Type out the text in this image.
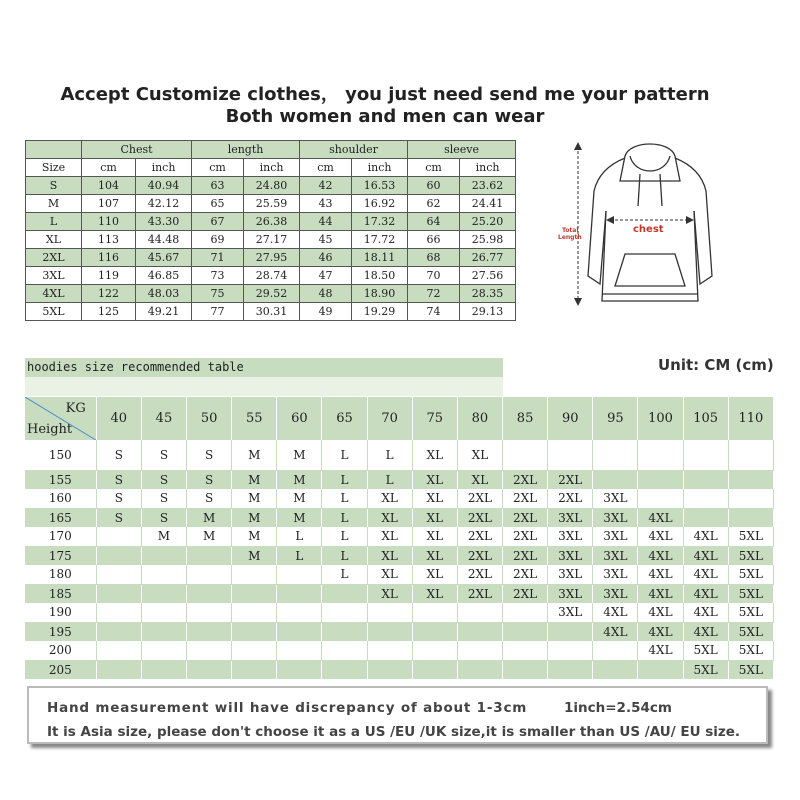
Accept Customize clothes， you just need send me your pattern
Both women and men can wear
	Chest		length		shoulder		sleeve	
Size	cm	inch	cm	inch	cm	inch	cm	inch
S	104	40.94	63	24.80	42	16.53	60	23.62
M	107	42.12	65	25.59	43	16.92	62	24.41
L	110	43.30	67	26.38	44	17.32	64	25.20
XL	113	44.48	69	27.17	45	17.72	66	25.98
2XL	116	45.67	71	27.95	46	18.11	68	26.77
3XL	119	46.85	73	28.74	47	18.50	70	27.56
4XL	122	48.03	75	29.52	48	18.90	72	28.35
5XL	125	49.21	77	30.31	49	19.29	74	29.13
Total
Length
chest
hoodies size recommended table	Unit: CM (cm)
KG
Height	40	45	50	55	60	65	70	75	80	85	90	95	100	105	110
150	S	S	S	M	M	L	L	XL	XL						
155	S	S	S	M	M	L	L	XL	XL	2XL	2XL				
160	S	S	S	M	M	L	XL	XL	2XL	2XL	2XL	3XL			
165	S	S	M	M	M	L	XL	XL	2XL	2XL	3XL	3XL	4XL		
170		M	M	M	L	L	XL	XL	2XL	2XL	3XL	3XL	4XL	4XL	5XL
175				M	L	L	XL	XL	2XL	2XL	3XL	3XL	4XL	4XL	5XL
180						L	XL	XL	2XL	2XL	3XL	3XL	4XL	4XL	5XL
185							XL	XL	2XL	2XL	3XL	3XL	4XL	4XL	5XL
190											3XL	4XL	4XL	4XL	5XL
195												4XL	4XL	4XL	5XL
200													4XL	5XL	5XL
205														5XL	5XL
Hand measurement will have discrepancy of about 1-3cm	1inch=2.54cm
It is Asia size, please don't choose it as a US /EU /UK size,it is smaller than US /AU/ EU size.
